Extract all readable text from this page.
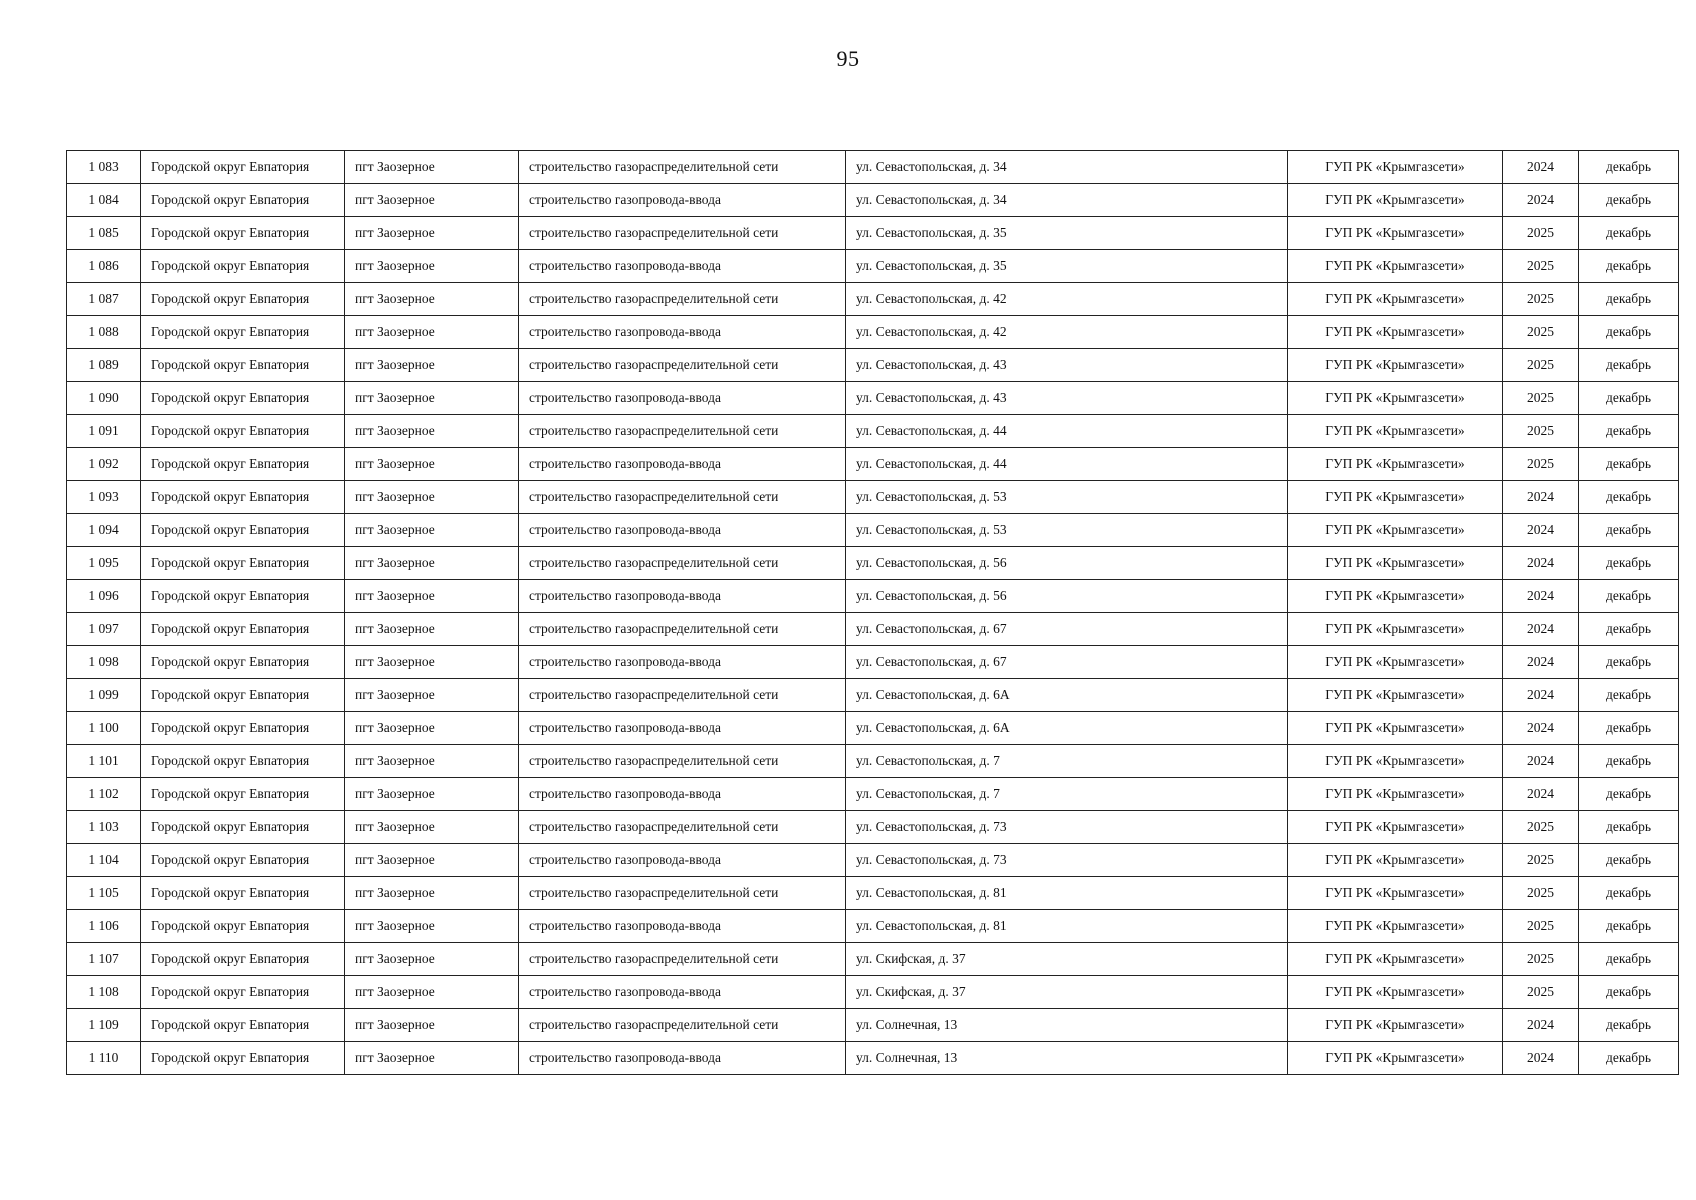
95
1 083	Городской округ Евпатория	пгт Заозерное	строительство газораспределительной сети	ул. Севастопольская, д. 34	ГУП РК «Крымгазсети»	2024	декабрь
1 084	Городской округ Евпатория	пгт Заозерное	строительство газопровода-ввода	ул. Севастопольская, д. 34	ГУП РК «Крымгазсети»	2024	декабрь
1 085	Городской округ Евпатория	пгт Заозерное	строительство газораспределительной сети	ул. Севастопольская, д. 35	ГУП РК «Крымгазсети»	2025	декабрь
1 086	Городской округ Евпатория	пгт Заозерное	строительство газопровода-ввода	ул. Севастопольская, д. 35	ГУП РК «Крымгазсети»	2025	декабрь
1 087	Городской округ Евпатория	пгт Заозерное	строительство газораспределительной сети	ул. Севастопольская, д. 42	ГУП РК «Крымгазсети»	2025	декабрь
1 088	Городской округ Евпатория	пгт Заозерное	строительство газопровода-ввода	ул. Севастопольская, д. 42	ГУП РК «Крымгазсети»	2025	декабрь
1 089	Городской округ Евпатория	пгт Заозерное	строительство газораспределительной сети	ул. Севастопольская, д. 43	ГУП РК «Крымгазсети»	2025	декабрь
1 090	Городской округ Евпатория	пгт Заозерное	строительство газопровода-ввода	ул. Севастопольская, д. 43	ГУП РК «Крымгазсети»	2025	декабрь
1 091	Городской округ Евпатория	пгт Заозерное	строительство газораспределительной сети	ул. Севастопольская, д. 44	ГУП РК «Крымгазсети»	2025	декабрь
1 092	Городской округ Евпатория	пгт Заозерное	строительство газопровода-ввода	ул. Севастопольская, д. 44	ГУП РК «Крымгазсети»	2025	декабрь
1 093	Городской округ Евпатория	пгт Заозерное	строительство газораспределительной сети	ул. Севастопольская, д. 53	ГУП РК «Крымгазсети»	2024	декабрь
1 094	Городской округ Евпатория	пгт Заозерное	строительство газопровода-ввода	ул. Севастопольская, д. 53	ГУП РК «Крымгазсети»	2024	декабрь
1 095	Городской округ Евпатория	пгт Заозерное	строительство газораспределительной сети	ул. Севастопольская, д. 56	ГУП РК «Крымгазсети»	2024	декабрь
1 096	Городской округ Евпатория	пгт Заозерное	строительство газопровода-ввода	ул. Севастопольская, д. 56	ГУП РК «Крымгазсети»	2024	декабрь
1 097	Городской округ Евпатория	пгт Заозерное	строительство газораспределительной сети	ул. Севастопольская, д. 67	ГУП РК «Крымгазсети»	2024	декабрь
1 098	Городской округ Евпатория	пгт Заозерное	строительство газопровода-ввода	ул. Севастопольская, д. 67	ГУП РК «Крымгазсети»	2024	декабрь
1 099	Городской округ Евпатория	пгт Заозерное	строительство газораспределительной сети	ул. Севастопольская, д. 6А	ГУП РК «Крымгазсети»	2024	декабрь
1 100	Городской округ Евпатория	пгт Заозерное	строительство газопровода-ввода	ул. Севастопольская, д. 6А	ГУП РК «Крымгазсети»	2024	декабрь
1 101	Городской округ Евпатория	пгт Заозерное	строительство газораспределительной сети	ул. Севастопольская, д. 7	ГУП РК «Крымгазсети»	2024	декабрь
1 102	Городской округ Евпатория	пгт Заозерное	строительство газопровода-ввода	ул. Севастопольская, д. 7	ГУП РК «Крымгазсети»	2024	декабрь
1 103	Городской округ Евпатория	пгт Заозерное	строительство газораспределительной сети	ул. Севастопольская, д. 73	ГУП РК «Крымгазсети»	2025	декабрь
1 104	Городской округ Евпатория	пгт Заозерное	строительство газопровода-ввода	ул. Севастопольская, д. 73	ГУП РК «Крымгазсети»	2025	декабрь
1 105	Городской округ Евпатория	пгт Заозерное	строительство газораспределительной сети	ул. Севастопольская, д. 81	ГУП РК «Крымгазсети»	2025	декабрь
1 106	Городской округ Евпатория	пгт Заозерное	строительство газопровода-ввода	ул. Севастопольская, д. 81	ГУП РК «Крымгазсети»	2025	декабрь
1 107	Городской округ Евпатория	пгт Заозерное	строительство газораспределительной сети	ул. Скифская, д. 37	ГУП РК «Крымгазсети»	2025	декабрь
1 108	Городской округ Евпатория	пгт Заозерное	строительство газопровода-ввода	ул. Скифская, д. 37	ГУП РК «Крымгазсети»	2025	декабрь
1 109	Городской округ Евпатория	пгт Заозерное	строительство газораспределительной сети	ул. Солнечная, 13	ГУП РК «Крымгазсети»	2024	декабрь
1 110	Городской округ Евпатория	пгт Заозерное	строительство газопровода-ввода	ул. Солнечная, 13	ГУП РК «Крымгазсети»	2024	декабрь
